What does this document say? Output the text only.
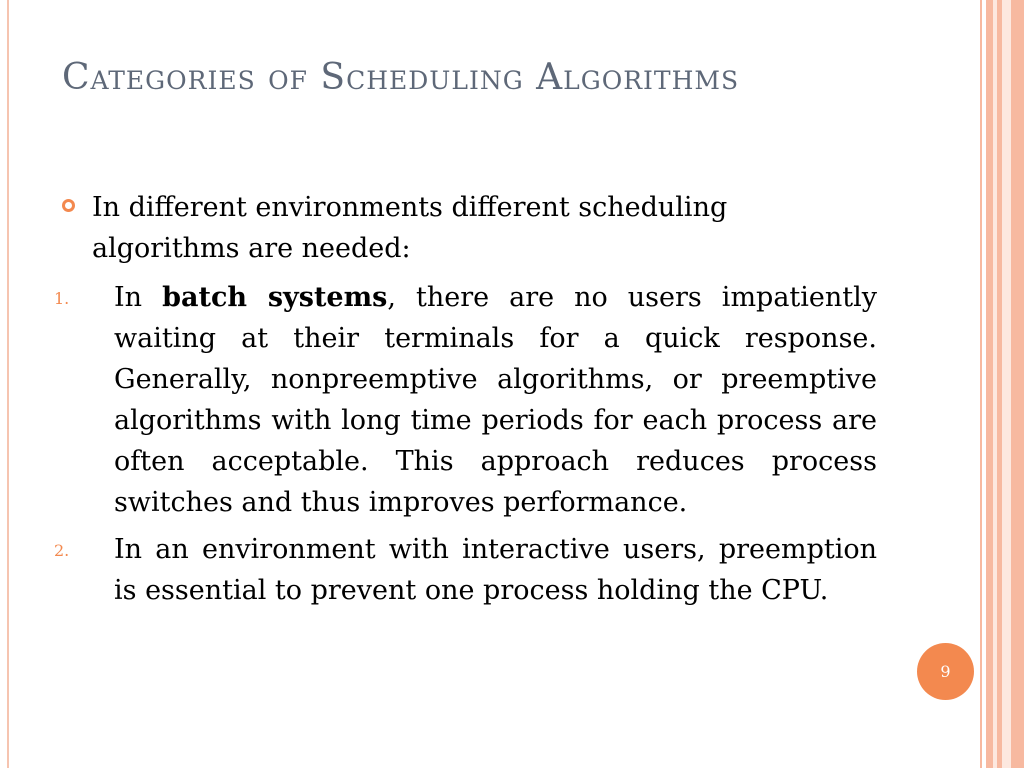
Categories of Scheduling Algorithms
In different environments different scheduling algorithms are needed:
1. In batch systems, there are no users impatiently waiting at their terminals for a quick response. Generally, nonpreemptive algorithms, or preemptive algorithms with long time periods for each process are often acceptable. This approach reduces process switches and thus improves performance.
2. In an environment with interactive users, preemption is essential to prevent one process holding the CPU.
9
